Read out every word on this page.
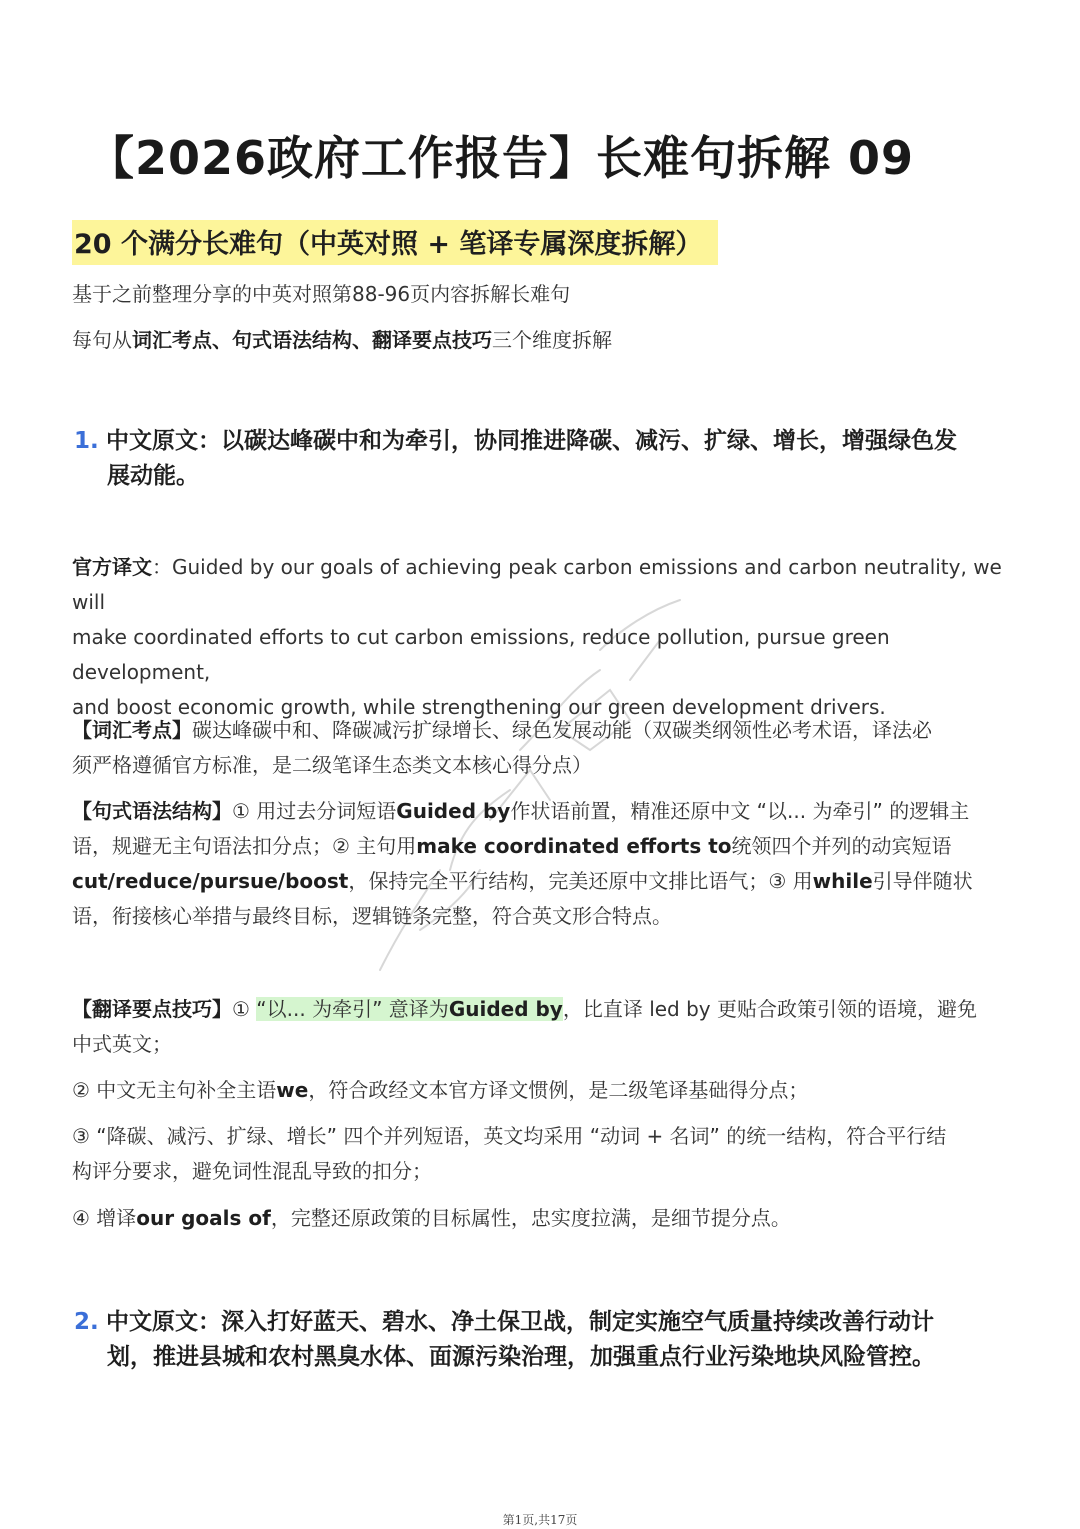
【2026政府工作报告】长难句拆解 09
20 个满分长难句（中英对照 + 笔译专属深度拆解）
基于之前整理分享的中英对照第88-96页内容拆解长难句
每句从词汇考点、句式语法结构、翻译要点技巧三个维度拆解
1. 中文原文：以碳达峰碳中和为牵引，协同推进降碳、减污、扩绿、增长，增强绿色发
展动能。
官方译文：Guided by our goals of achieving peak carbon emissions and carbon neutrality, we will
make coordinated efforts to cut carbon emissions, reduce pollution, pursue green development,
and boost economic growth, while strengthening our green development drivers.
【词汇考点】碳达峰碳中和、降碳减污扩绿增长、绿色发展动能（双碳类纲领性必考术语，译法必
须严格遵循官方标准，是二级笔译生态类文本核心得分点）
【句式语法结构】① 用过去分词短语Guided by作状语前置，精准还原中文 “以... 为牵引” 的逻辑主
语，规避无主句语法扣分点；② 主句用make coordinated efforts to统领四个并列的动宾短语
cut/reduce/pursue/boost，保持完全平行结构，完美还原中文排比语气；③ 用while引导伴随状
语，衔接核心举措与最终目标，逻辑链条完整，符合英文形合特点。
【翻译要点技巧】① “以... 为牵引” 意译为Guided by，比直译 led by 更贴合政策引领的语境，避免
中式英文；
② 中文无主句补全主语we，符合政经文本官方译文惯例，是二级笔译基础得分点；
③ “降碳、减污、扩绿、增长” 四个并列短语，英文均采用 “动词 + 名词” 的统一结构，符合平行结
构评分要求，避免词性混乱导致的扣分；
④ 增译our goals of，完整还原政策的目标属性，忠实度拉满，是细节提分点。
2. 中文原文：深入打好蓝天、碧水、净土保卫战，制定实施空气质量持续改善行动计
划，推进县城和农村黑臭水体、面源污染治理，加强重点行业污染地块风险管控。
第1页,共17页
